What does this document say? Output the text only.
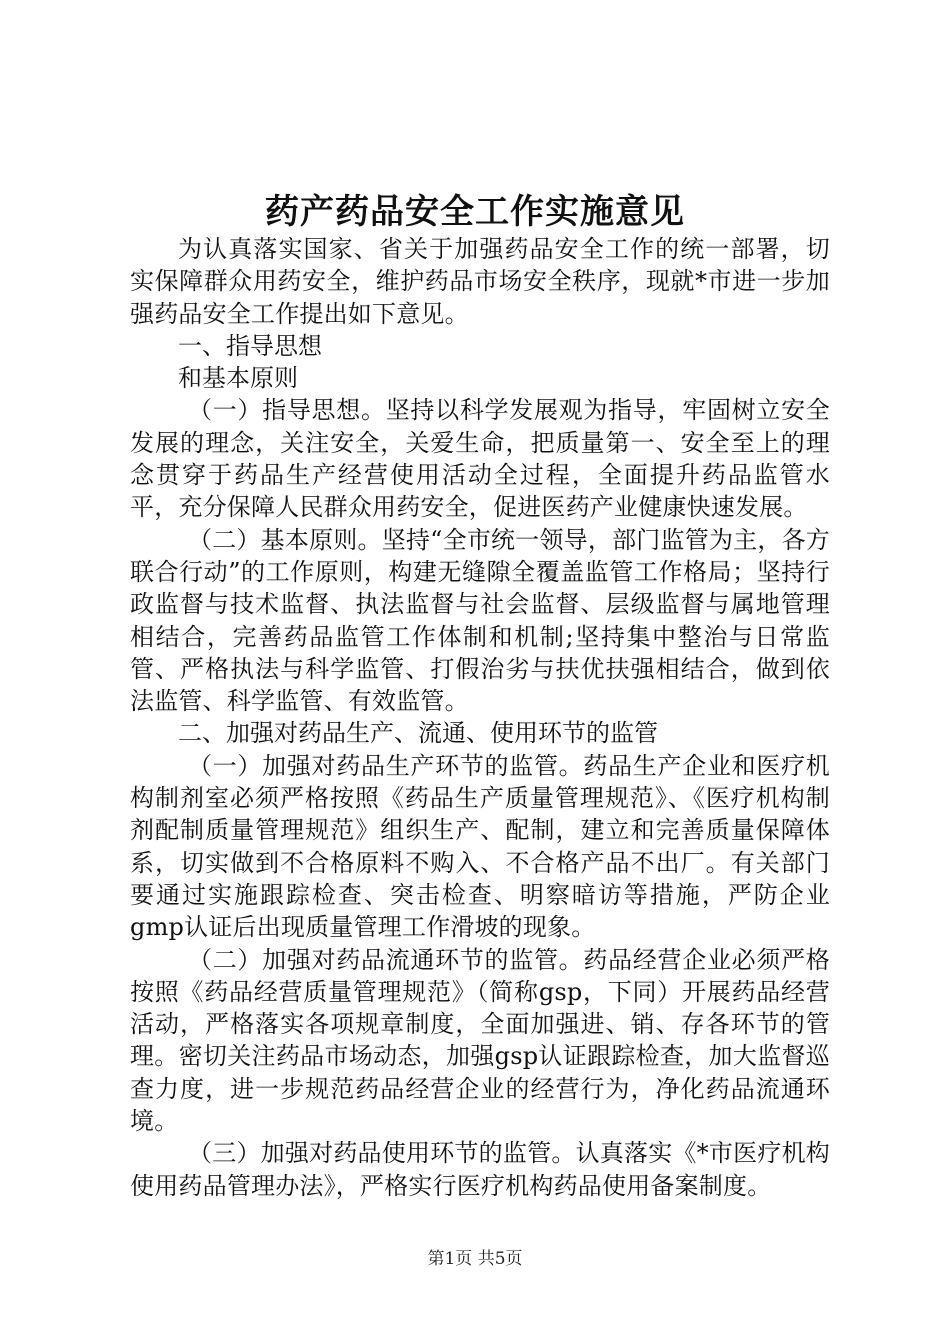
药产药品安全工作实施意见

为认真落实国家、省关于加强药品安全工作的统一部署，切实保障群众用药安全，维护药品市场安全秩序，现就*市进一步加强药品安全工作提出如下意见。

一、指导思想

和基本原则

（一）指导思想。坚持以科学发展观为指导，牢固树立安全发展的理念，关注安全，关爱生命，把质量第一、安全至上的理念贯穿于药品生产经营使用活动全过程，全面提升药品监管水平，充分保障人民群众用药安全，促进医药产业健康快速发展。

（二）基本原则。坚持“全市统一领导，部门监管为主，各方联合行动”的工作原则，构建无缝隙全覆盖监管工作格局；坚持行政监督与技术监督、执法监督与社会监督、层级监督与属地管理相结合，完善药品监管工作体制和机制;坚持集中整治与日常监管、严格执法与科学监管、打假治劣与扶优扶强相结合，做到依法监管、科学监管、有效监管。

二、加强对药品生产、流通、使用环节的监管

（一）加强对药品生产环节的监管。药品生产企业和医疗机构制剂室必须严格按照《药品生产质量管理规范》、《医疗机构制剂配制质量管理规范》组织生产、配制，建立和完善质量保障体系，切实做到不合格原料不购入、不合格产品不出厂。有关部门要通过实施跟踪检查、突击检查、明察暗访等措施，严防企业gmp认证后出现质量管理工作滑坡的现象。

（二）加强对药品流通环节的监管。药品经营企业必须严格按照《药品经营质量管理规范》（简称gsp，下同）开展药品经营活动，严格落实各项规章制度，全面加强进、销、存各环节的管理。密切关注药品市场动态，加强gsp认证跟踪检查，加大监督巡查力度，进一步规范药品经营企业的经营行为，净化药品流通环境。

（三）加强对药品使用环节的监管。认真落实《*市医疗机构使用药品管理办法》，严格实行医疗机构药品使用备案制度。

第1页 共5页
